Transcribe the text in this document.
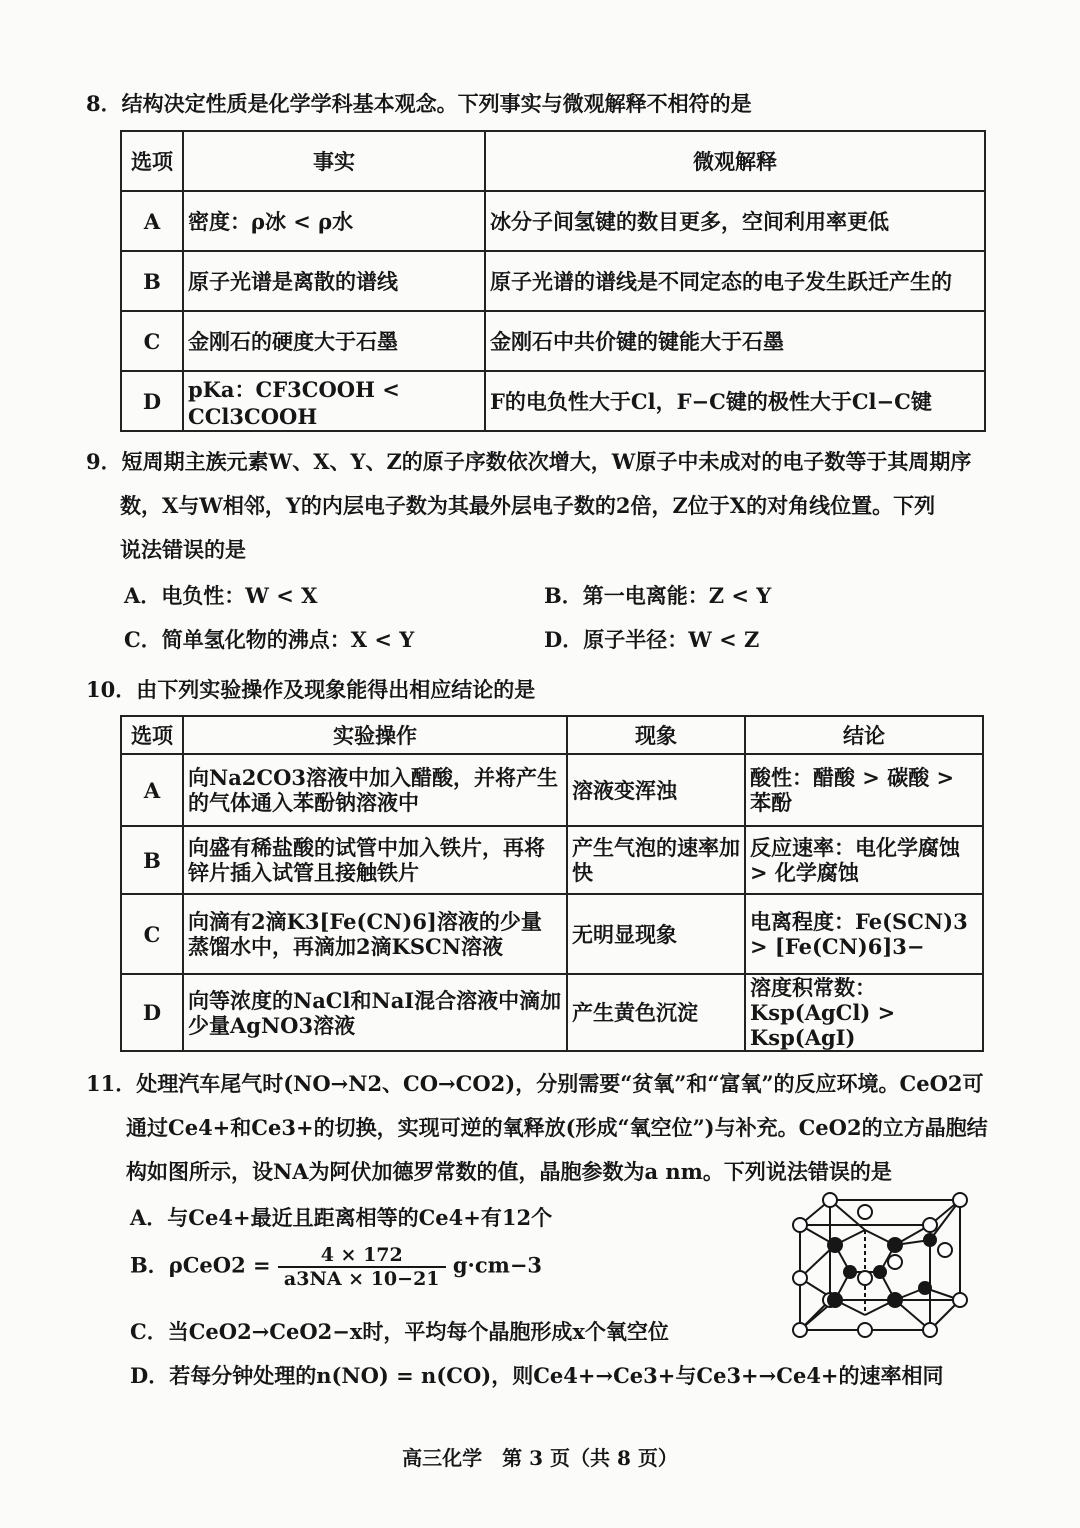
8．结构决定性质是化学学科基本观念。下列事实与微观解释不相符的是
选项	事实	微观解释
A	密度：ρ冰 < ρ水	冰分子间氢键的数目更多，空间利用率更低
B	原子光谱是离散的谱线	原子光谱的谱线是不同定态的电子发生跃迁产生的
C	金刚石的硬度大于石墨	金刚石中共价键的键能大于石墨
D	pKa：CF3COOH < CCl3COOH	F的电负性大于Cl，F−C键的极性大于Cl−C键
9．短周期主族元素W、X、Y、Z的原子序数依次增大，W原子中未成对的电子数等于其周期序
数，X与W相邻，Y的内层电子数为其最外层电子数的2倍，Z位于X的对角线位置。下列
说法错误的是
A．电负性：W < X	B．第一电离能：Z < Y
C．简单氢化物的沸点：X < Y	D．原子半径：W < Z
10．由下列实验操作及现象能得出相应结论的是
选项	实验操作	现象	结论
A	向Na2CO3溶液中加入醋酸，并将产生的气体通入苯酚钠溶液中	溶液变浑浊	酸性：醋酸 > 碳酸 > 苯酚
B	向盛有稀盐酸的试管中加入铁片，再将锌片插入试管且接触铁片	产生气泡的速率加快	反应速率：电化学腐蚀 > 化学腐蚀
C	向滴有2滴K3[Fe(CN)6]溶液的少量蒸馏水中，再滴加2滴KSCN溶液	无明显现象	电离程度：Fe(SCN)3 > [Fe(CN)6]3−
D	向等浓度的NaCl和NaI混合溶液中滴加少量AgNO3溶液	产生黄色沉淀	溶度积常数：Ksp(AgCl) > Ksp(AgI)
11．处理汽车尾气时(NO→N2、CO→CO2)，分别需要“贫氧”和“富氧”的反应环境。CeO2可
通过Ce4+和Ce3+的切换，实现可逆的氧释放(形成“氧空位”)与补充。CeO2的立方晶胞结
构如图所示，设NA为阿伏加德罗常数的值，晶胞参数为a nm。下列说法错误的是
A．与Ce4+最近且距离相等的Ce4+有12个
B．$\rho CeO2 = \frac{4 \times 172}{a3NA \times 10-21} g\cdot cm-3$
C．当CeO2→CeO2−x时，平均每个晶胞形成x个氧空位
D．若每分钟处理的n(NO) = n(CO)，则Ce4+→Ce3+与Ce3+→Ce4+的速率相同
高三化学　第 3 页（共 8 页）
